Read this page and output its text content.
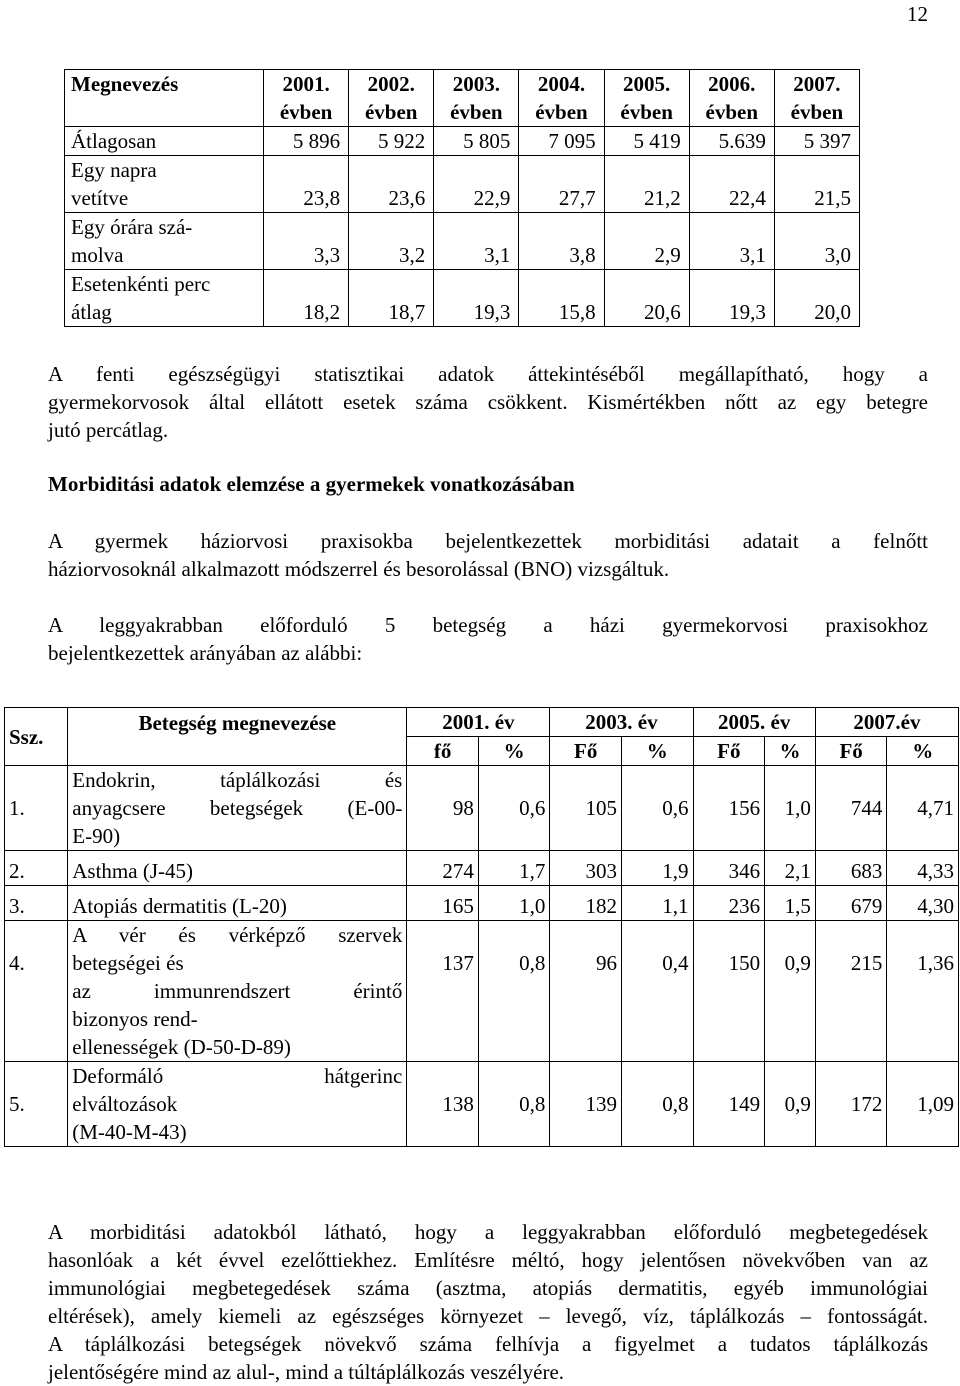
12
Megnevezés	2001. évben	2002. évben	2003. évben	2004. évben	2005. évben	2006. évben	2007. évben
Átlagosan	5 896	5 922	5 805	7 095	5 419	5.639	5 397

Egy napra
vetítve	23,8	23,6	22,9	27,7	21,2	22,4	21,5

Egy órára szá-
molva	3,3	3,2	3,1	3,8	2,9	3,1	3,0

Esetenkénti perc
átlag	18,2	18,7	19,3	15,8	20,6	19,3	20,0

A fenti egészségügyi statisztikai adatok áttekintéséből megállapítható, hogy a
gyermekorvosok által ellátott esetek száma csökkent. Kismértékben nőtt az egy betegre
jutó percátlag.

Morbiditási adatok elemzése a gyermekek vonatkozásában

A gyermek háziorvosi praxisokba bejelentkezettek morbiditási adatait a felnőtt
háziorvosoknál alkalmazott módszerrel és besorolással (BNO) vizsgáltuk.

A leggyakrabban előforduló 5 betegség a házi gyermekorvosi praxisokhoz
bejelentkezettek arányában az alábbi:

Ssz.	Betegség megnevezése	2001. év		2003. év		2005. év		2007.év	
		fő	%	Fő	%	Fő	%	Fő	%
1.	Endokrin, táplálkozási és
anyagcsere betegségek (E-00-
E-90)	98	0,6	105	0,6	156	1,0	744	4,71
2.	Asthma (J-45)	274	1,7	303	1,9	346	2,1	683	4,33
3.	Atopiás dermatitis (L-20)	165	1,0	182	1,1	236	1,5	679	4,30
4.	A vér és vérképző szervek
betegségei és
az immunrendszert érintő
bizonyos rend-
ellenességek (D-50-D-89)	137	0,8	96	0,4	150	0,9	215	1,36
5.	Deformáló hátgerinc
elváltozások
(M-40-M-43)	138	0,8	139	0,8	149	0,9	172	1,09

A morbiditási adatokból látható, hogy a leggyakrabban előforduló megbetegedések
hasonlóak a két évvel ezelőttiekhez. Említésre méltó, hogy jelentősen növekvőben van az
immunológiai megbetegedések száma (asztma, atopiás dermatitis, egyéb immunológiai
eltérések), amely kiemeli az egészséges környezet – levegő, víz, táplálkozás – fontosságát.
A táplálkozási betegségek növekvő száma felhívja a figyelmet a tudatos táplálkozás
jelentőségére mind az alul-, mind a túltáplálkozás veszélyére.
